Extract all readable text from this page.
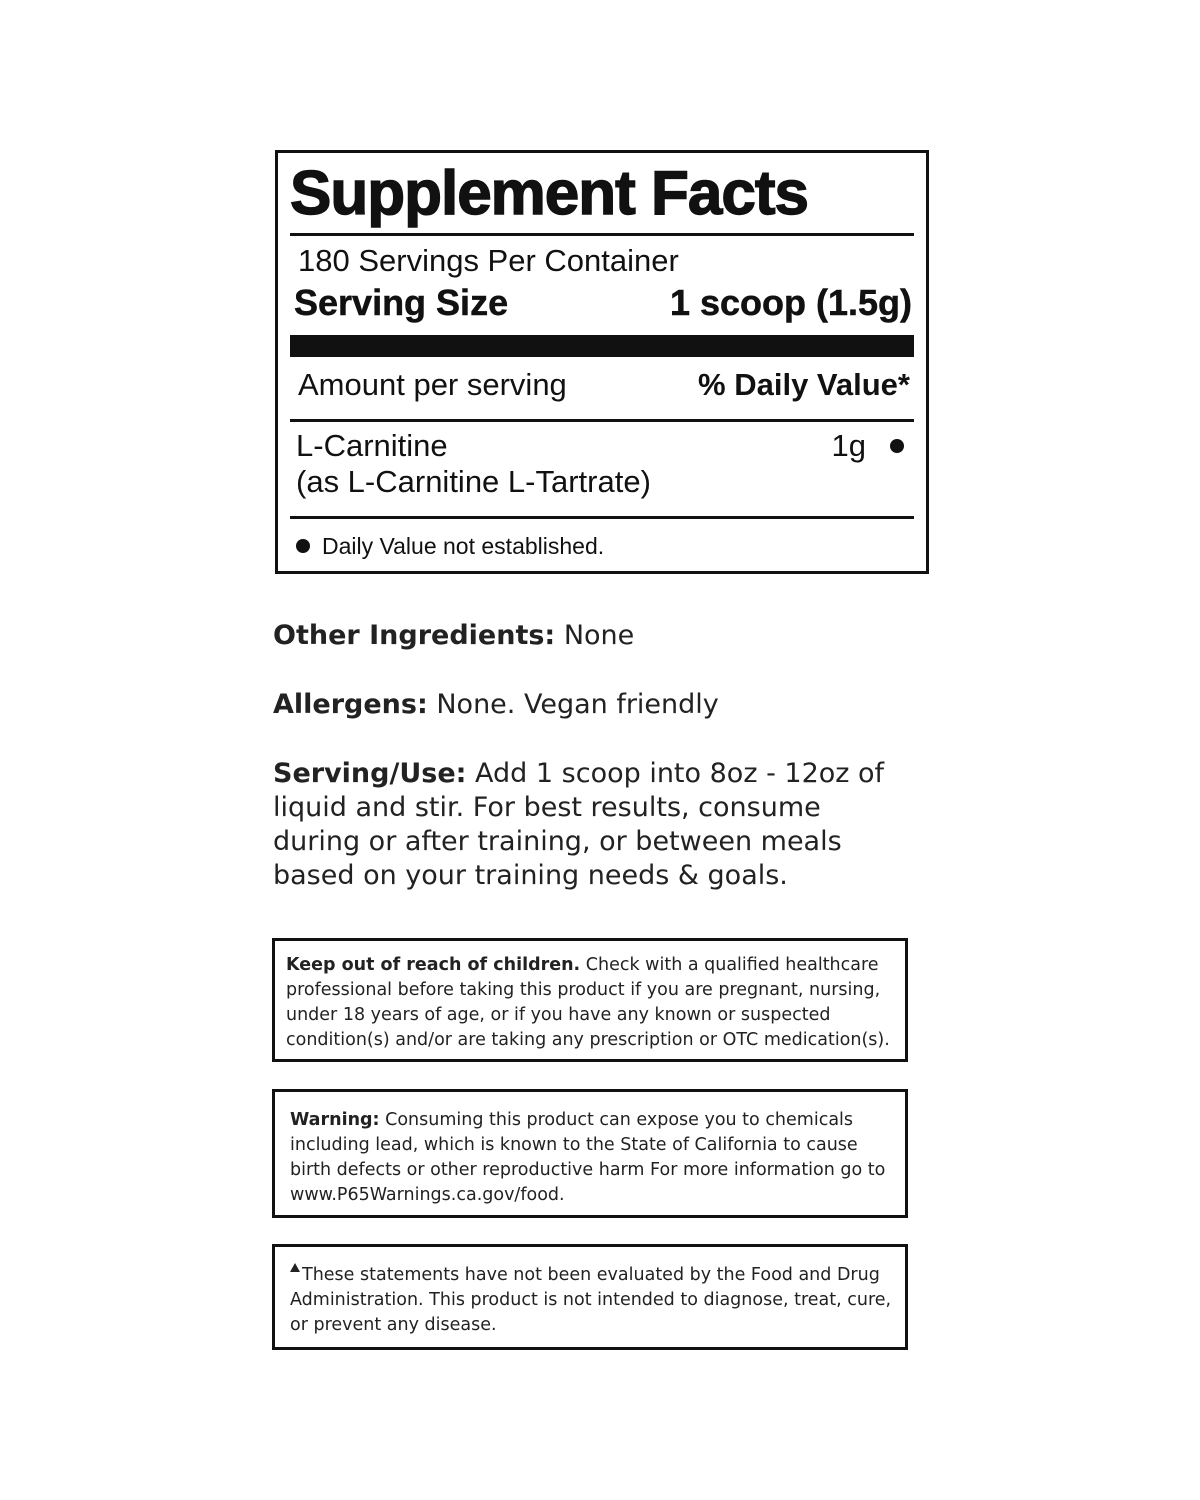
Supplement Facts
180 Servings Per Container
Serving Size	1 scoop (1.5g)
Amount per serving	% Daily Value*
L-Carnitine
(as L-Carnitine L-Tartrate)
1g
Daily Value not established.
Other Ingredients: None
Allergens: None. Vegan friendly
Serving/Use: Add 1 scoop into 8oz - 12oz of liquid and stir. For best results, consume during or after training, or between meals based on your training needs & goals.
Keep out of reach of children. Check with a qualified healthcare professional before taking this product if you are pregnant, nursing, under 18 years of age, or if you have any known or suspected condition(s) and/or are taking any prescription or OTC medication(s).
Warning: Consuming this product can expose you to chemicals including lead, which is known to the State of California to cause birth defects or other reproductive harm For more information go to www.P65Warnings.ca.gov/food.
These statements have not been evaluated by the Food and Drug Administration. This product is not intended to diagnose, treat, cure, or prevent any disease.
